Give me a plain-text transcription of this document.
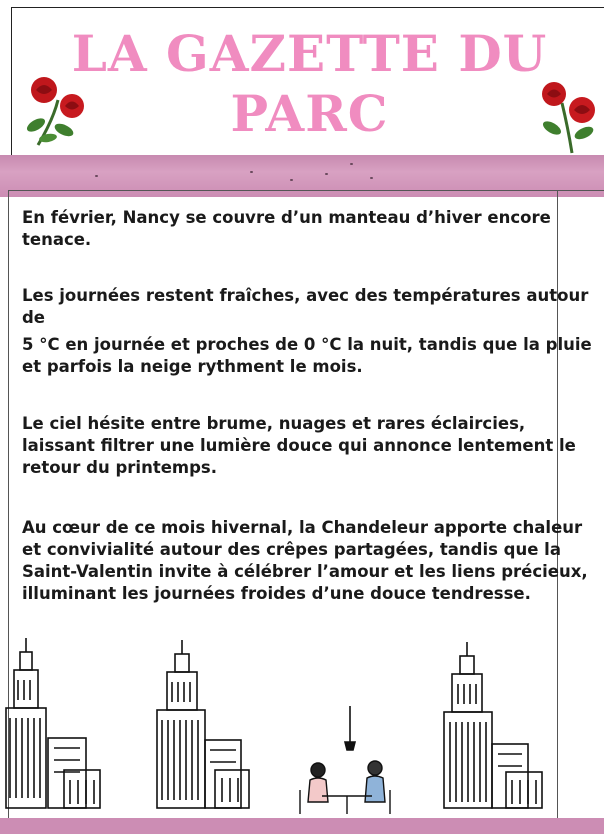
LA GAZETTE DU
PARC

En février, Nancy se couvre d’un manteau d’hiver encore tenace.

Les journées restent fraîches, avec des températures autour de

5 °C en journée et proches de 0 °C la nuit, tandis que la pluie et parfois la neige rythment le mois.

Le ciel hésite entre brume, nuages et rares éclaircies, laissant filtrer une lumière douce qui annonce lentement le retour du printemps.

Au cœur de ce mois hivernal, la Chandeleur apporte chaleur et convivialité autour des crêpes partagées, tandis que la Saint-Valentin invite à célébrer l’amour et les liens précieux, illuminant les journées froides d’une douce tendresse.
